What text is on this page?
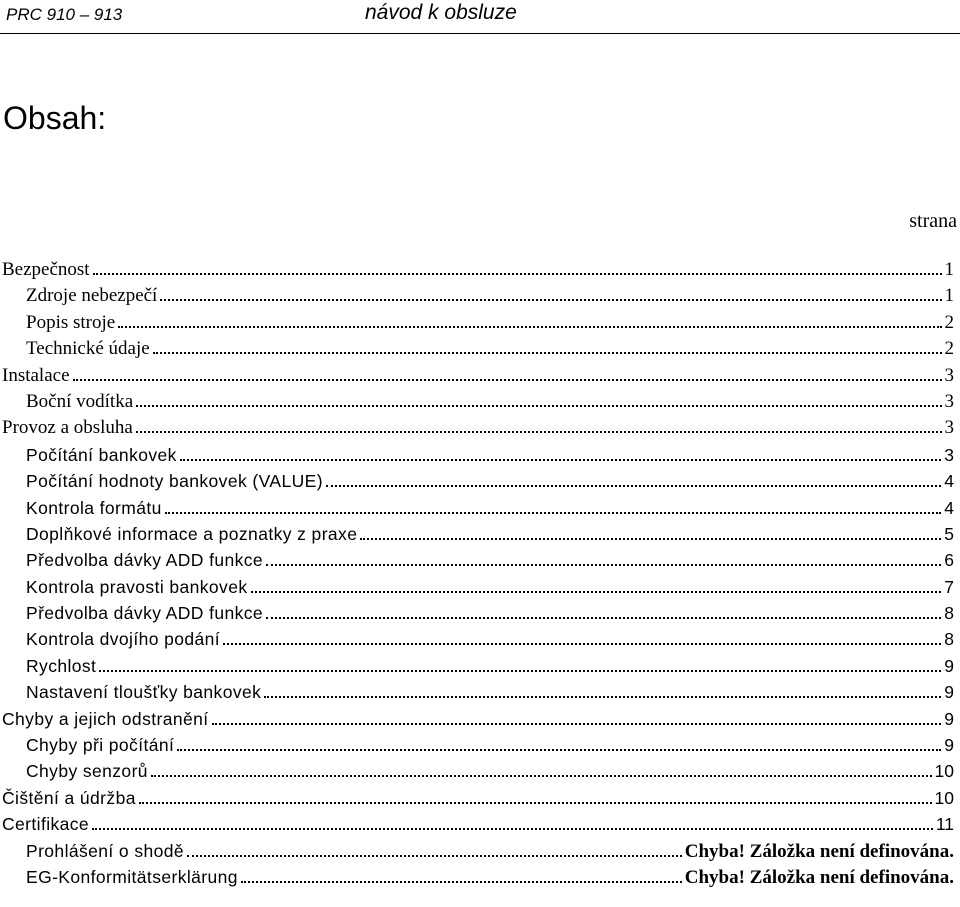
PRC 910 – 913	návod k obsluze
Obsah:
strana
Bezpečnost	1
Zdroje nebezpečí	1
Popis stroje	2
Technické údaje	2
Instalace	3
Boční vodítka	3
Provoz a obsluha	3
Počítání bankovek	3
Počítání hodnoty bankovek (VALUE)	4
Kontrola formátu	4
Doplňkové informace a poznatky z praxe	5
Předvolba dávky ADD funkce	6
Kontrola pravosti bankovek	7
Předvolba dávky ADD funkce	8
Kontrola dvojího podání	8
Rychlost	9
Nastavení tloušťky bankovek	9
Chyby a jejich odstranění	9
Chyby při počítání	9
Chyby senzorů	10
Čištění a údržba	10
Certifikace	11
Prohlášení o shodě	Chyba! Záložka není definována.
EG-Konformitätserklärung	Chyba! Záložka není definována.
